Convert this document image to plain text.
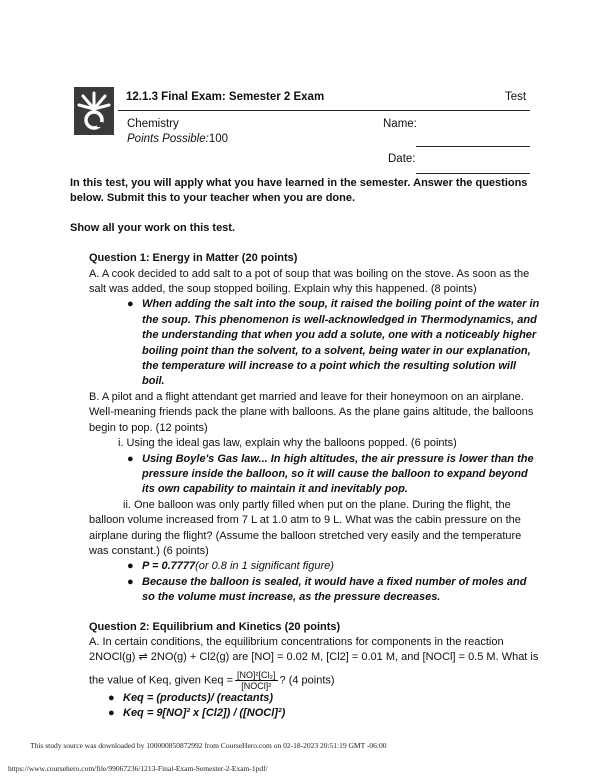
12.1.3 Final Exam: Semester 2 Exam	Test
Chemistry
Points Possible:100
Name:
Date:

In this test, you will apply what you have learned in the semester. Answer the questions below. Submit this to your teacher when you are done.

Show all your work on this test.

Question 1: Energy in Matter (20 points)

A. A cook decided to add salt to a pot of soup that was boiling on the stove. As soon as the salt was added, the soup stopped boiling. Explain why this happened. (8 points)

● When adding the salt into the soup, it raised the boiling point of the water in the soup. This phenomenon is well-acknowledged in Thermodynamics, and the understanding that when you add a solute, one with a noticeably higher boiling point than the solvent, to a solvent, being water in our explanation, the temperature will increase to a point which the resulting solution will boil.

B. A pilot and a flight attendant get married and leave for their honeymoon on an airplane. Well-meaning friends pack the plane with balloons. As the plane gains altitude, the balloons begin to pop. (12 points)

i. Using the ideal gas law, explain why the balloons popped. (6 points)

● Using Boyle's Gas law... In high altitudes, the air pressure is lower than the pressure inside the balloon, so it will cause the balloon to expand beyond its own capability to maintain it and inevitably pop.

ii. One balloon was only partly filled when put on the plane. During the flight, the balloon volume increased from 7 L at 1.0 atm to 9 L. What was the cabin pressure on the airplane during the flight? (Assume the balloon stretched very easily and the temperature was constant.) (6 points)

● P = 0.7777(or 0.8 in 1 significant figure)

● Because the balloon is sealed, it would have a fixed number of moles and so the volume must increase, as the pressure decreases.

Question 2: Equilibrium and Kinetics (20 points)

A. In certain conditions, the equilibrium concentrations for components in the reaction

2NOCl(g) ⇌ 2NO(g) + Cl2(g) are [NO] = 0.02 M, [Cl2] = 0.01 M, and [NOCl] = 0.5 M. What is

the value of Keq, given Keq = $\frac{\text{[NO]²[Cl₂]}}{\text{[NOCl]²}}$ ? (4 points)

● Keq = (products)/ (reactants)

● Keq = 9[NO]² x [Cl2]) / ([NOCl]²)

This study source was downloaded by 100000850872992 from CourseHero.com on 02-18-2023 20:51:19 GMT -06:00
https://www.coursehero.com/file/99067236/1213-Final-Exam-Semester-2-Exam-1pdf/
